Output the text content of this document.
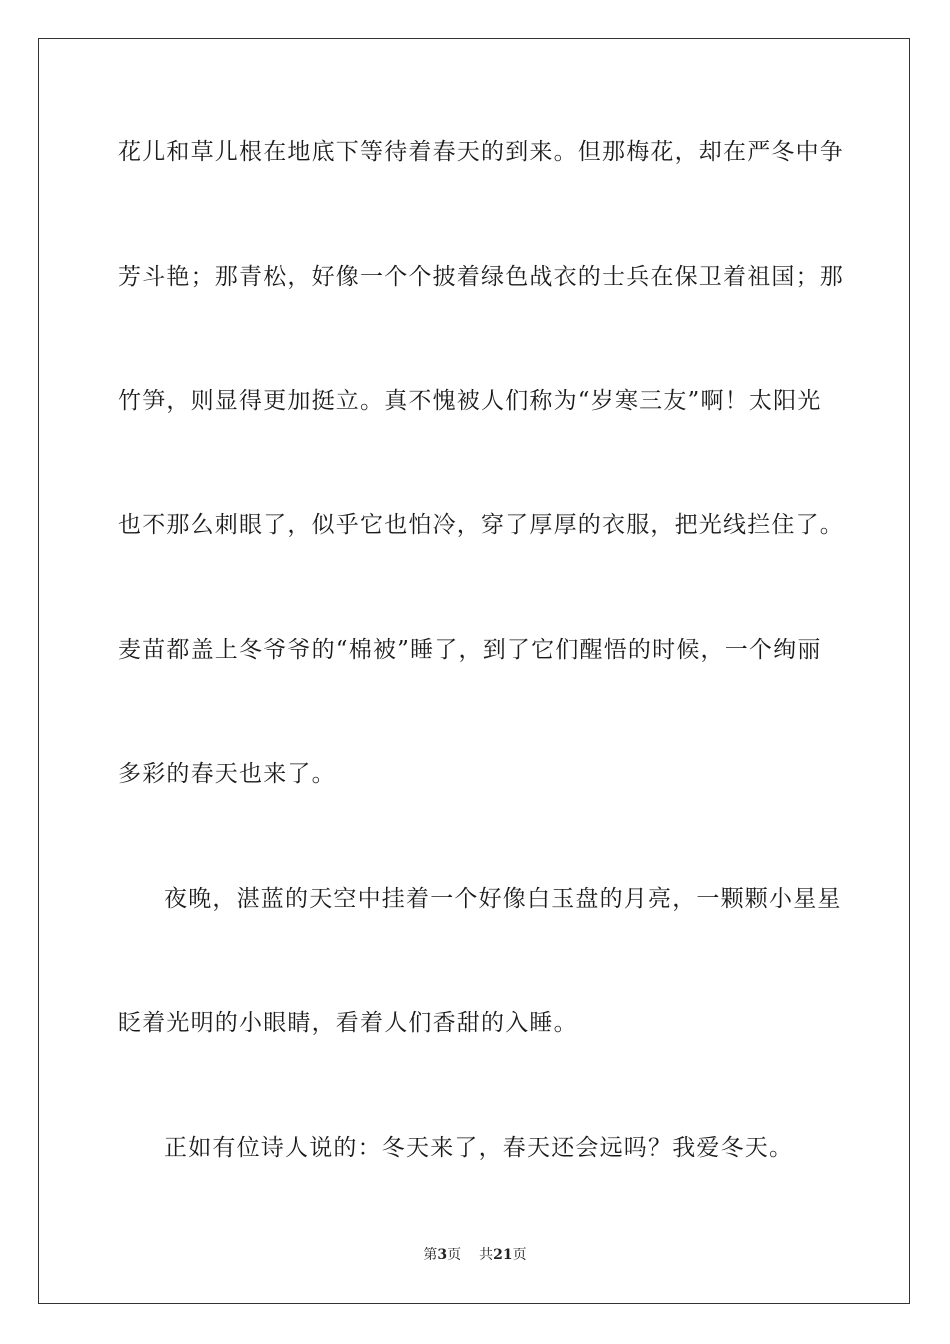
花儿和草儿根在地底下等待着春天的到来。但那梅花，却在严冬中争
芳斗艳；那青松，好像一个个披着绿色战衣的士兵在保卫着祖国；那
竹笋，则显得更加挺立。真不愧被人们称为“岁寒三友”啊！太阳光
也不那么刺眼了，似乎它也怕冷，穿了厚厚的衣服，把光线拦住了。
麦苗都盖上冬爷爷的“棉被”睡了，到了它们醒悟的时候，一个绚丽
多彩的春天也来了。
夜晚，湛蓝的天空中挂着一个好像白玉盘的月亮，一颗颗小星星
眨着光明的小眼睛，看着人们香甜的入睡。
正如有位诗人说的：冬天来了，春天还会远吗？我爱冬天。
第3页 共21页
